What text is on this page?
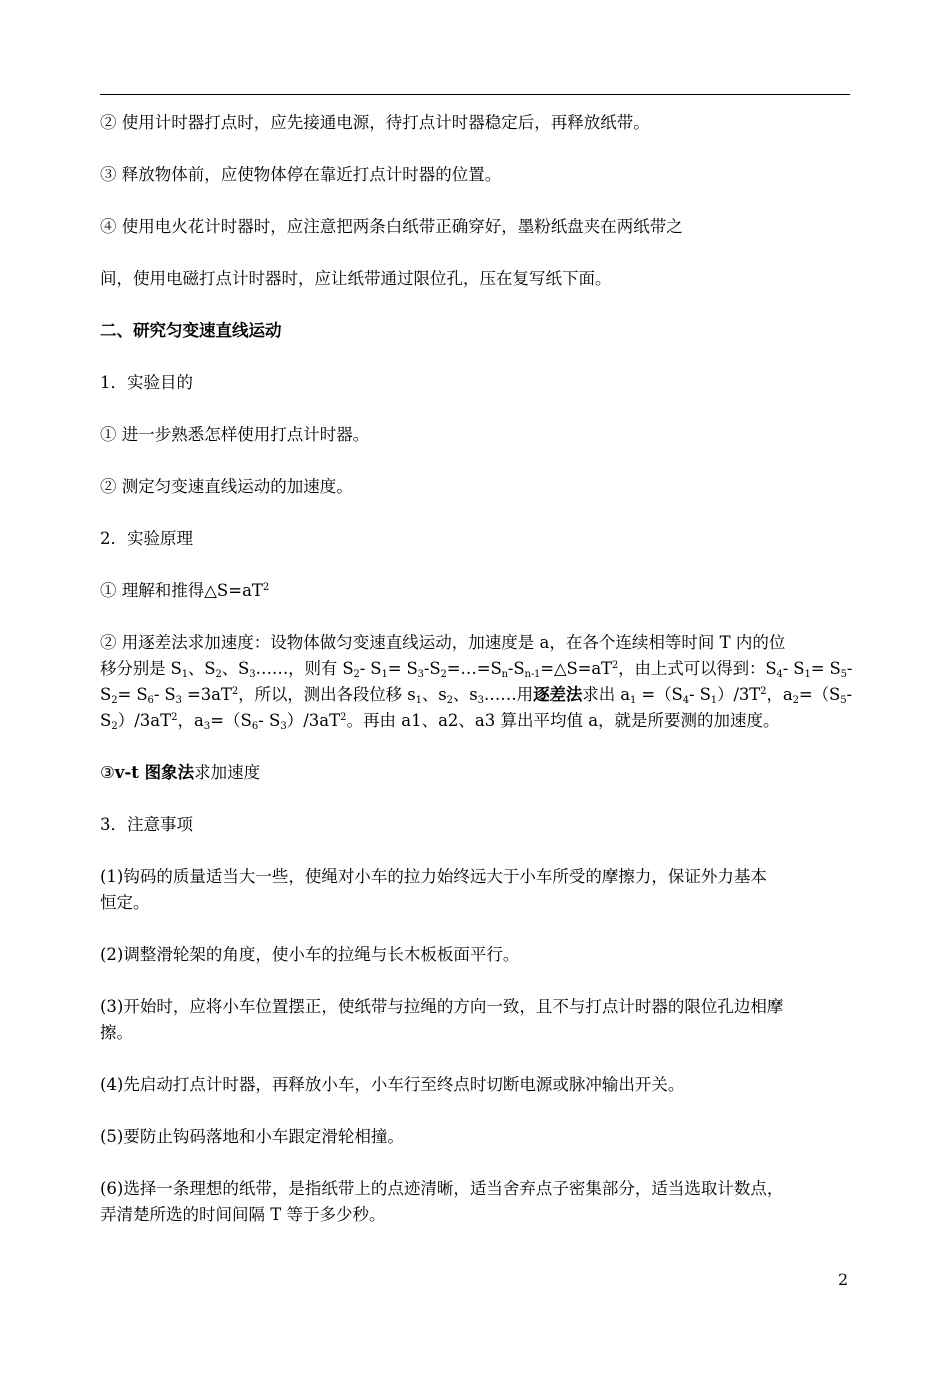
② 使用计时器打点时，应先接通电源，待打点计时器稳定后，再释放纸带。
③ 释放物体前，应使物体停在靠近打点计时器的位置。
④ 使用电火花计时器时，应注意把两条白纸带正确穿好，墨粉纸盘夹在两纸带之
间，使用电磁打点计时器时，应让纸带通过限位孔，压在复写纸下面。
二、研究匀变速直线运动
1．实验目的
① 进一步熟悉怎样使用打点计时器。
② 测定匀变速直线运动的加速度。
2．实验原理
① 理解和推得$\triangle S=aT^2$
② 用逐差法求加速度：设物体做匀变速直线运动，加速度是 a，在各个连续相等时间 T 内的位
移分别是 $S_1$、$S_2$、$S_3\dots\dots$，则有 $S_2-$ $S_1=$ $S_3-S_2=\dots=S_n-S_{n-1}=\triangle S=aT^2$，由上式可以得到：$S_4-$ $S_1= S_5-$
$S_2= S_6-$ $S_3 =3aT^2$，所以，测出各段位移 $s_1$、$s_2$、$s_3\dots\dots$用逐差法求出 $a_1 =(S_4-$ $S_1)/3T^2$，$a_2=(S_5-$
$S_2)/3aT^2$，$a_3=(S_6-$ $S_3)/3aT^2$。再由 a1、a2、a3 算出平均值 a，就是所要测的加速度。
③v-t 图象法求加速度
3．注意事项
(1)钩码的质量适当大一些，使绳对小车的拉力始终远大于小车所受的摩擦力，保证外力基本
恒定。
(2)调整滑轮架的角度，使小车的拉绳与长木板板面平行。
(3)开始时，应将小车位置摆正，使纸带与拉绳的方向一致，且不与打点计时器的限位孔边相摩
擦。
(4)先启动打点计时器，再释放小车，小车行至终点时切断电源或脉冲输出开关。
(5)要防止钩码落地和小车跟定滑轮相撞。
(6)选择一条理想的纸带，是指纸带上的点迹清晰，适当舍弃点子密集部分，适当选取计数点，
弄清楚所选的时间间隔 T 等于多少秒。
2
